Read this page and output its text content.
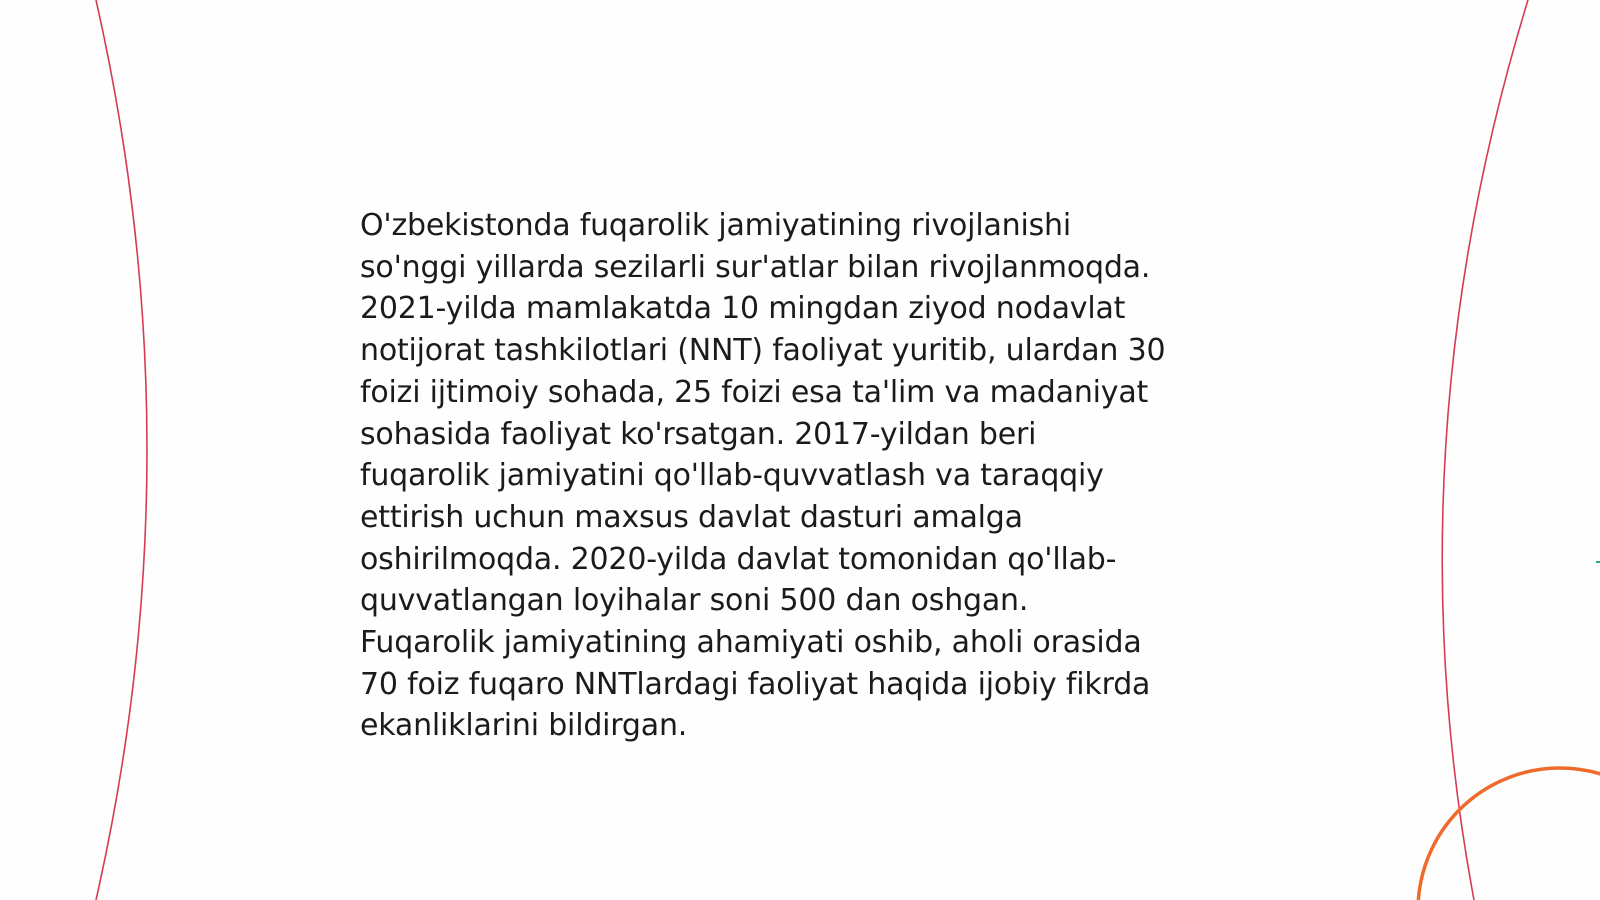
O'zbekistonda fuqarolik jamiyatining rivojlanishi
so'nggi yillarda sezilarli sur'atlar bilan rivojlanmoqda.
2021-yilda mamlakatda 10 mingdan ziyod nodavlat
notijorat tashkilotlari (NNT) faoliyat yuritib, ulardan 30
foizi ijtimoiy sohada, 25 foizi esa ta'lim va madaniyat
sohasida faoliyat ko'rsatgan. 2017-yildan beri
fuqarolik jamiyatini qo'llab-quvvatlash va taraqqiy
ettirish uchun maxsus davlat dasturi amalga
oshirilmoqda. 2020-yilda davlat tomonidan qo'llab-
quvvatlangan loyihalar soni 500 dan oshgan.
Fuqarolik jamiyatining ahamiyati oshib, aholi orasida
70 foiz fuqaro NNTlardagi faoliyat haqida ijobiy fikrda
ekanliklarini bildirgan.
